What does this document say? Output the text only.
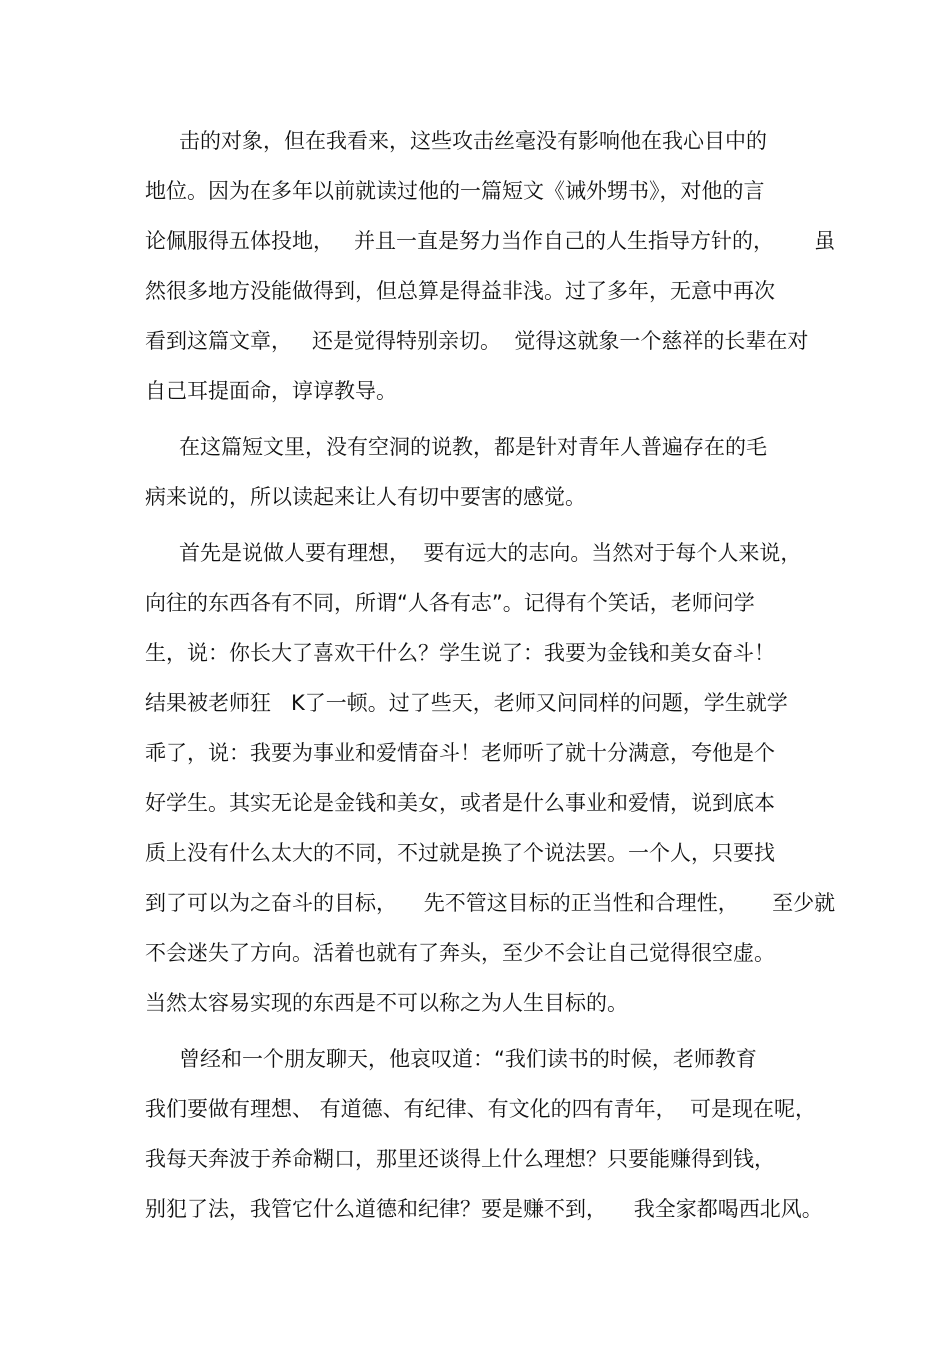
击的对象，但在我看来，这些攻击丝毫没有影响他在我心目中的
地位。因为在多年以前就读过他的一篇短文《诫外甥书》，对他的言
论佩服得五体投地，   并且一直是努力当作自己的人生指导方针的，      虽
然很多地方没能做得到，但总算是得益非浅。过了多年，无意中再次
看到这篇文章，   还是觉得特别亲切。  觉得这就象一个慈祥的长辈在对
自己耳提面命，谆谆教导。
在这篇短文里，没有空洞的说教，都是针对青年人普遍存在的毛
病来说的，所以读起来让人有切中要害的感觉。
首先是说做人要有理想，  要有远大的志向。当然对于每个人来说，
向往的东西各有不同，所谓“人各有志”。记得有个笑话，老师问学
生，说：你长大了喜欢干什么？学生说了：我要为金钱和美女奋斗！
结果被老师狂   K了一顿。过了些天，老师又问同样的问题，学生就学
乖了，说：我要为事业和爱情奋斗！老师听了就十分满意，夸他是个
好学生。其实无论是金钱和美女，或者是什么事业和爱情，说到底本
质上没有什么太大的不同，不过就是换了个说法罢。一个人，只要找
到了可以为之奋斗的目标，    先不管这目标的正当性和合理性，     至少就
不会迷失了方向。活着也就有了奔头，至少不会让自己觉得很空虚。
当然太容易实现的东西是不可以称之为人生目标的。
曾经和一个朋友聊天，他哀叹道：“我们读书的时候，老师教育
我们要做有理想、 有道德、有纪律、有文化的四有青年，  可是现在呢，
我每天奔波于养命糊口，那里还谈得上什么理想？只要能赚得到钱，
别犯了法，我管它什么道德和纪律？要是赚不到，    我全家都喝西北风。
